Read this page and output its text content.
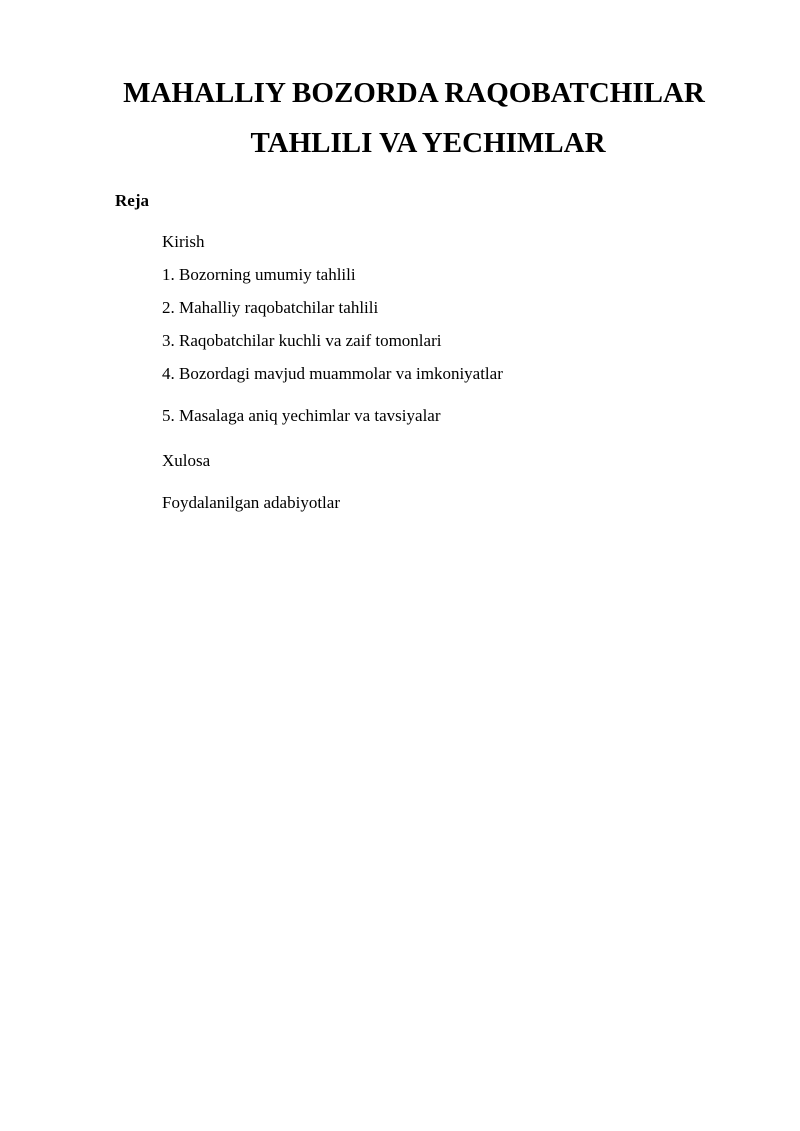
MAHALLIY BOZORDA RAQOBATCHILAR
TAHLILI VA YECHIMLAR
Reja
Kirish
1. Bozorning umumiy tahlili
2. Mahalliy raqobatchilar tahlili
3. Raqobatchilar kuchli va zaif tomonlari
4. Bozordagi mavjud muammolar va imkoniyatlar
5. Masalaga aniq yechimlar va tavsiyalar
Xulosa
Foydalanilgan adabiyotlar
